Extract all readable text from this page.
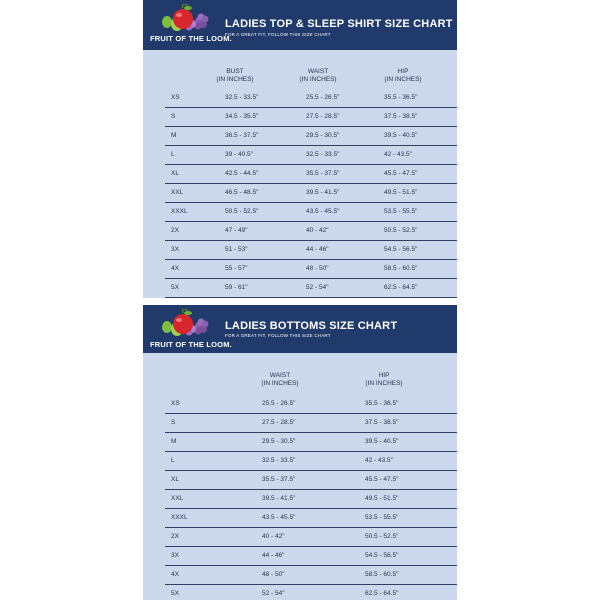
FRUIT OF THE LOOM.
LADIES TOP & SLEEP SHIRT SIZE CHART
FOR A GREAT FIT, FOLLOW THIS SIZE CHART
BUST
(IN INCHES)
WAIST
(IN INCHES)
HIP
(IN INCHES)
XS	32.5 - 33.5"	25.5 - 26.5"	35.5 - 36.5"
S	34.5 - 35.5"	27.5 - 28.5"	37.5 - 38.5"
M	36.5 - 37.5"	29.5 - 30.5"	39.5 - 40.5"
L	39 - 40.5"	32.5 - 33.5"	42 - 43.5"
XL	42.5 - 44.5"	35.5 - 37.5"	45.5 - 47.5"
XXL	46.5 - 48.5"	39.5 - 41.5"	49.5 - 51.5"
XXXL	50.5 - 52.5"	43.5 - 45.5"	53.5 - 55.5"
2X	47 - 49"	40 - 42"	50.5 - 52.5"
3X	51 - 53"	44 - 46"	54.5 - 56.5"
4X	55 - 57"	48 - 50"	58.5 - 60.5"
5X	59 - 61"	52 - 54"	62.5 - 64.5"
FRUIT OF THE LOOM.
LADIES BOTTOMS SIZE CHART
FOR A GREAT FIT, FOLLOW THIS SIZE CHART
WAIST
(IN INCHES)
HIP
(IN INCHES)
XS	25.5 - 26.5"	35.5 - 36.5"
S	27.5 - 28.5"	37.5 - 38.5"
M	29.5 - 30.5"	39.5 - 40.5"
L	32.5 - 33.5"	42 - 43.5"
XL	35.5 - 37.5"	45.5 - 47.5"
XXL	39.5 - 41.5"	49.5 - 51.5"
XXXL	43.5 - 45.5"	53.5 - 55.5"
2X	40 - 42"	50.5 - 52.5"
3X	44 - 46"	54.5 - 56.5"
4X	48 - 50"	58.5 - 60.5"
5X	52 - 54"	62.5 - 64.5"
